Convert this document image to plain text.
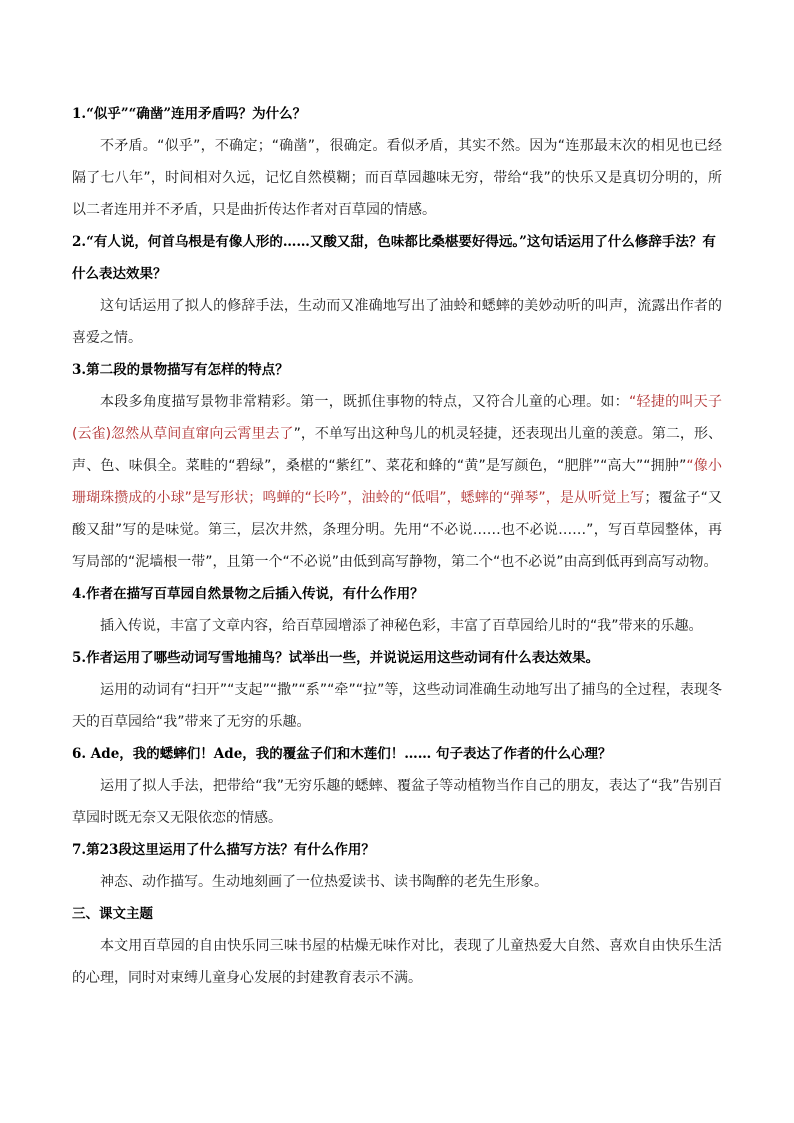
1.“似乎”“确凿”连用矛盾吗？为什么？

不矛盾。“似乎”，不确定；“确凿”，很确定。看似矛盾，其实不然。因为“连那最末次的相见也已经隔了七八年”，时间相对久远，记忆自然模糊；而百草园趣味无穷，带给“我”的快乐又是真切分明的，所以二者连用并不矛盾，只是曲折传达作者对百草园的情感。

2.“有人说，何首乌根是有像人形的……又酸又甜，色味都比桑椹要好得远。”这句话运用了什么修辞手法？有什么表达效果？

这句话运用了拟人的修辞手法，生动而又准确地写出了油蛉和蟋蟀的美妙动听的叫声，流露出作者的喜爱之情。

3.第二段的景物描写有怎样的特点？

本段多角度描写景物非常精彩。第一，既抓住事物的特点，又符合儿童的心理。如：“轻捷的叫天子(云雀)忽然从草间直窜向云霄里去了”，不单写出这种鸟儿的机灵轻捷，还表现出儿童的羡意。第二，形、声、色、味俱全。菜畦的“碧绿”，桑椹的“紫红”、菜花和蜂的“黄”是写颜色，“肥胖”“高大”“拥肿”“像小珊瑚珠攒成的小球”是写形状；鸣蝉的“长吟”，油蛉的“低唱”，蟋蟀的“弹琴”，是从听觉上写；覆盆子“又酸又甜”写的是味觉。第三，层次井然，条理分明。先用“不必说……也不必说……”，写百草园整体，再写局部的“泥墙根一带”，且第一个“不必说”由低到高写静物，第二个“也不必说”由高到低再到高写动物。

4.作者在描写百草园自然景物之后插入传说，有什么作用？

插入传说，丰富了文章内容，给百草园增添了神秘色彩，丰富了百草园给儿时的“我”带来的乐趣。

5.作者运用了哪些动词写雪地捕鸟？试举出一些，并说说运用这些动词有什么表达效果。

运用的动词有“扫开”“支起”“撒”“系”“牵”“拉”等，这些动词准确生动地写出了捕鸟的全过程，表现冬天的百草园给“我”带来了无穷的乐趣。

6. Ade，我的蟋蟀们！Ade，我的覆盆子们和木莲们！…… 句子表达了作者的什么心理？

运用了拟人手法，把带给“我”无穷乐趣的蟋蟀、覆盆子等动植物当作自己的朋友，表达了“我”告别百草园时既无奈又无限依恋的情感。

7.第23段这里运用了什么描写方法？有什么作用？

神态、动作描写。生动地刻画了一位热爱读书、读书陶醉的老先生形象。

三、课文主题

本文用百草园的自由快乐同三味书屋的枯燥无味作对比，表现了儿童热爱大自然、喜欢自由快乐生活的心理，同时对束缚儿童身心发展的封建教育表示不满。
